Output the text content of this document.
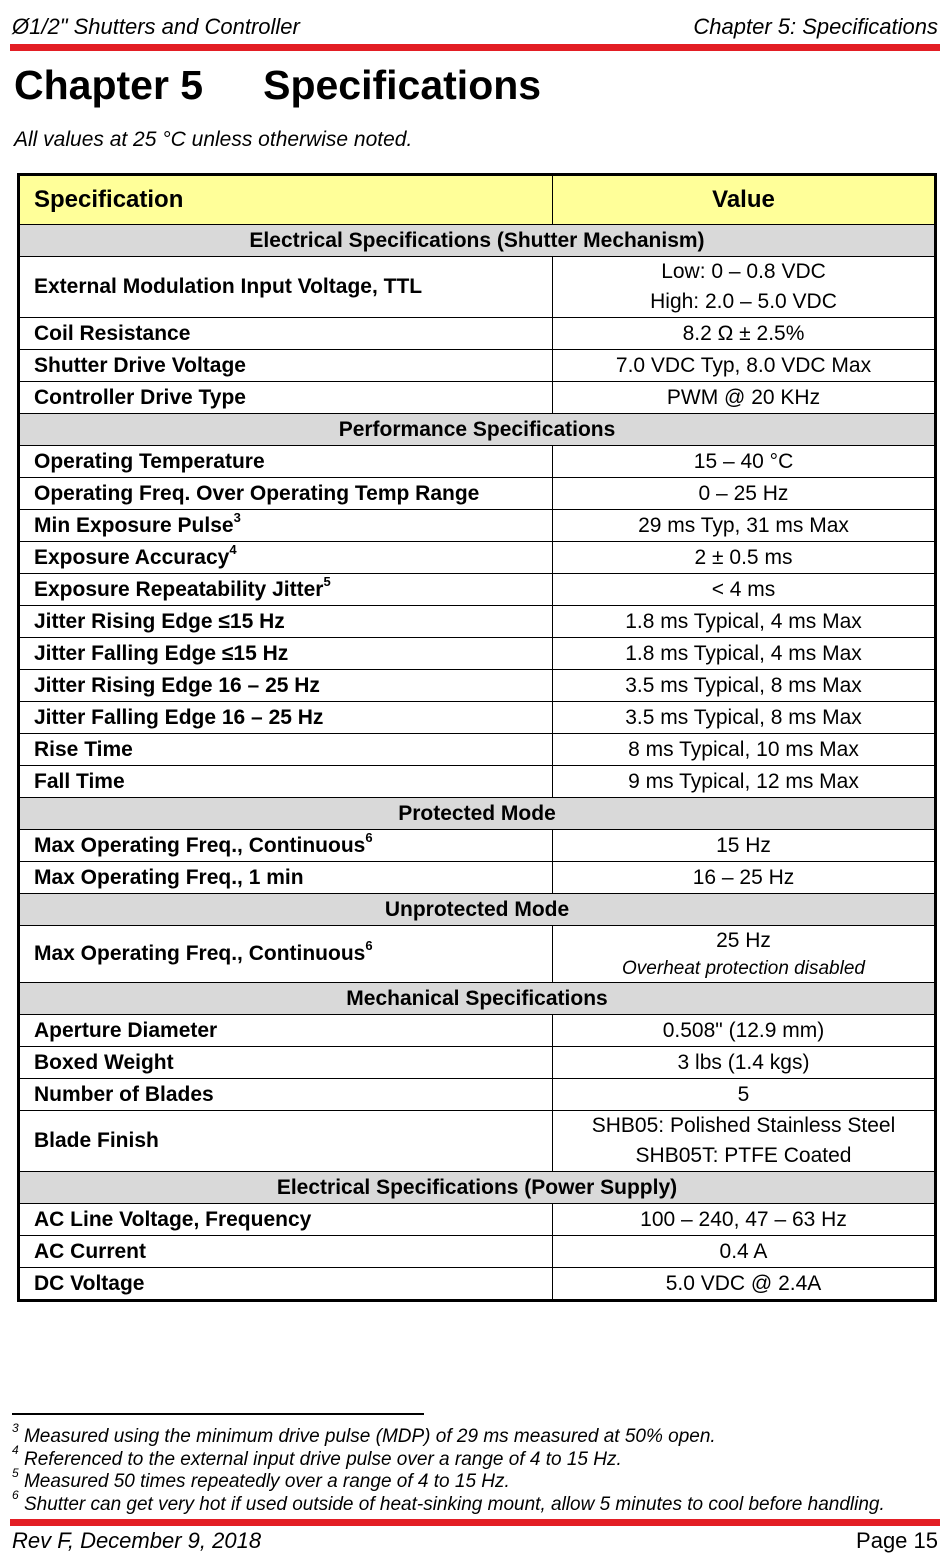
Ø1/2" Shutters and Controller	Chapter 5: Specifications
Chapter 5 Specifications
All values at 25 °C unless otherwise noted.
Specification	Value
Electrical Specifications (Shutter Mechanism)	
External Modulation Input Voltage, TTL	Low: 0 – 0.8 VDC
High: 2.0 – 5.0 VDC

Coil Resistance	8.2 Ω ± 2.5%

Shutter Drive Voltage	7.0 VDC Typ, 8.0 VDC Max

Controller Drive Type	PWM @ 20 KHz

Performance Specifications	
Operating Temperature	15 – 40 °C

Operating Freq. Over Operating Temp Range	0 – 25 Hz

Min Exposure Pulse$^3$	29 ms Typ, 31 ms Max

Exposure Accuracy$^4$	2 ± 0.5 ms

Exposure Repeatability Jitter$^5$	< 4 ms

Jitter Rising Edge ≤15 Hz	1.8 ms Typical, 4 ms Max

Jitter Falling Edge ≤15 Hz	1.8 ms Typical, 4 ms Max

Jitter Rising Edge 16 – 25 Hz	3.5 ms Typical, 8 ms Max

Jitter Falling Edge 16 – 25 Hz	3.5 ms Typical, 8 ms Max

Rise Time	8 ms Typical, 10 ms Max

Fall Time	9 ms Typical, 12 ms Max

Protected Mode	
Max Operating Freq., Continuous$^6$	15 Hz

Max Operating Freq., 1 min	16 – 25 Hz

Unprotected Mode	
Max Operating Freq., Continuous$^6$	25 Hz
Overheat protection disabled

Mechanical Specifications	
Aperture Diameter	0.508" (12.9 mm)

Boxed Weight	3 lbs (1.4 kgs)

Number of Blades	5

Blade Finish	SHB05: Polished Stainless Steel
SHB05T: PTFE Coated

Electrical Specifications (Power Supply)	
AC Line Voltage, Frequency	100 – 240, 47 – 63 Hz

AC Current	0.4 A

DC Voltage	5.0 VDC @ 2.4A
$^3$ Measured using the minimum drive pulse (MDP) of 29 ms measured at 50% open.
$^4$ Referenced to the external input drive pulse over a range of 4 to 15 Hz.
$^5$ Measured 50 times repeatedly over a range of 4 to 15 Hz.
$^6$ Shutter can get very hot if used outside of heat-sinking mount, allow 5 minutes to cool before handling.
Rev F, December 9, 2018	Page 15
